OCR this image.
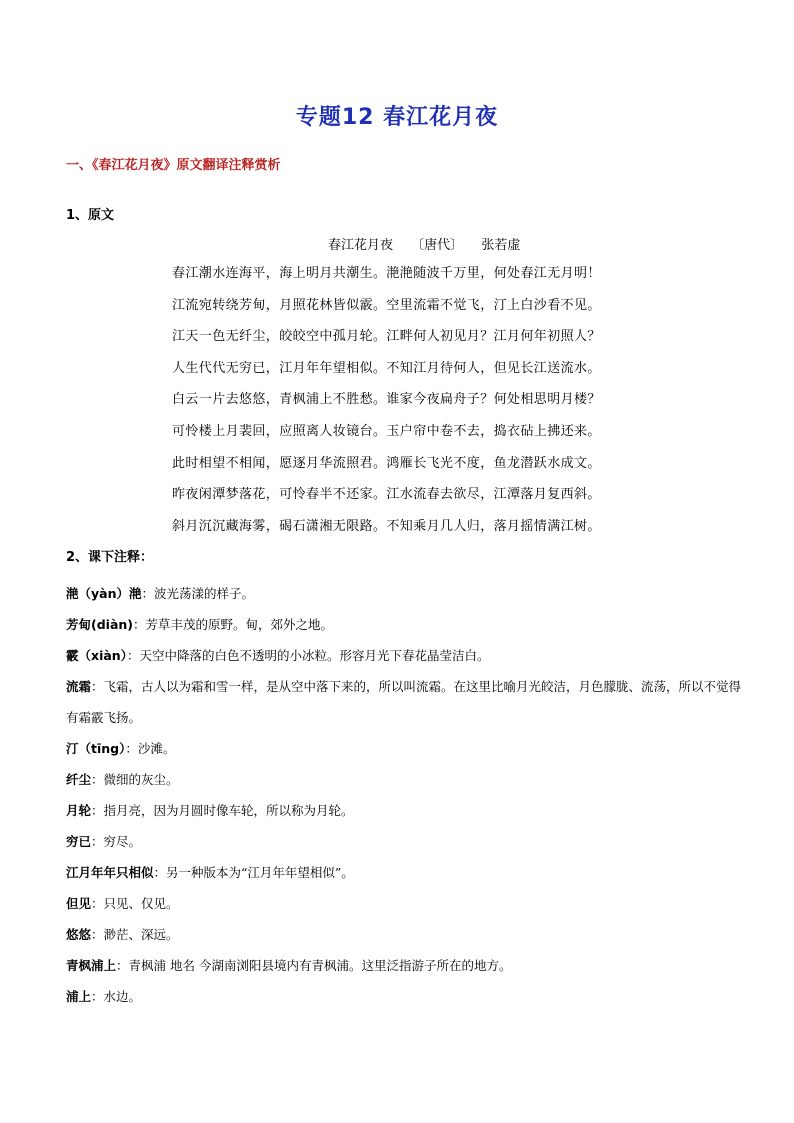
专题12 春江花月夜
一、《春江花月夜》原文翻译注释赏析
1、原文
春江花月夜 〔唐代〕 张若虚
春江潮水连海平，海上明月共潮生。滟滟随波千万里，何处春江无月明！
江流宛转绕芳甸，月照花林皆似霰。空里流霜不觉飞，汀上白沙看不见。
江天一色无纤尘，皎皎空中孤月轮。江畔何人初见月？江月何年初照人？
人生代代无穷已，江月年年望相似。不知江月待何人，但见长江送流水。
白云一片去悠悠，青枫浦上不胜愁。谁家今夜扁舟子？何处相思明月楼？
可怜楼上月裴回，应照离人妆镜台。玉户帘中卷不去，捣衣砧上拂还来。
此时相望不相闻，愿逐月华流照君。鸿雁长飞光不度，鱼龙潜跃水成文。
昨夜闲潭梦落花，可怜春半不还家。江水流春去欲尽，江潭落月复西斜。
斜月沉沉藏海雾，碣石潇湘无限路。不知乘月几人归，落月摇情满江树。
2、课下注释：
滟（yàn）滟：波光荡漾的样子。
芳甸(diàn)：芳草丰茂的原野。甸，郊外之地。
霰（xiàn）：天空中降落的白色不透明的小冰粒。形容月光下春花晶莹洁白。
流霜：飞霜，古人以为霜和雪一样，是从空中落下来的，所以叫流霜。在这里比喻月光皎洁，月色朦胧、流荡，所以不觉得有霜霰飞扬。
汀（tīng）：沙滩。
纤尘：微细的灰尘。
月轮：指月亮，因为月圆时像车轮，所以称为月轮。
穷已：穷尽。
江月年年只相似：另一种版本为“江月年年望相似”。
但见：只见、仅见。
悠悠：渺茫、深远。
青枫浦上：青枫浦 地名 今湖南浏阳县境内有青枫浦。这里泛指游子所在的地方。
浦上：水边。
